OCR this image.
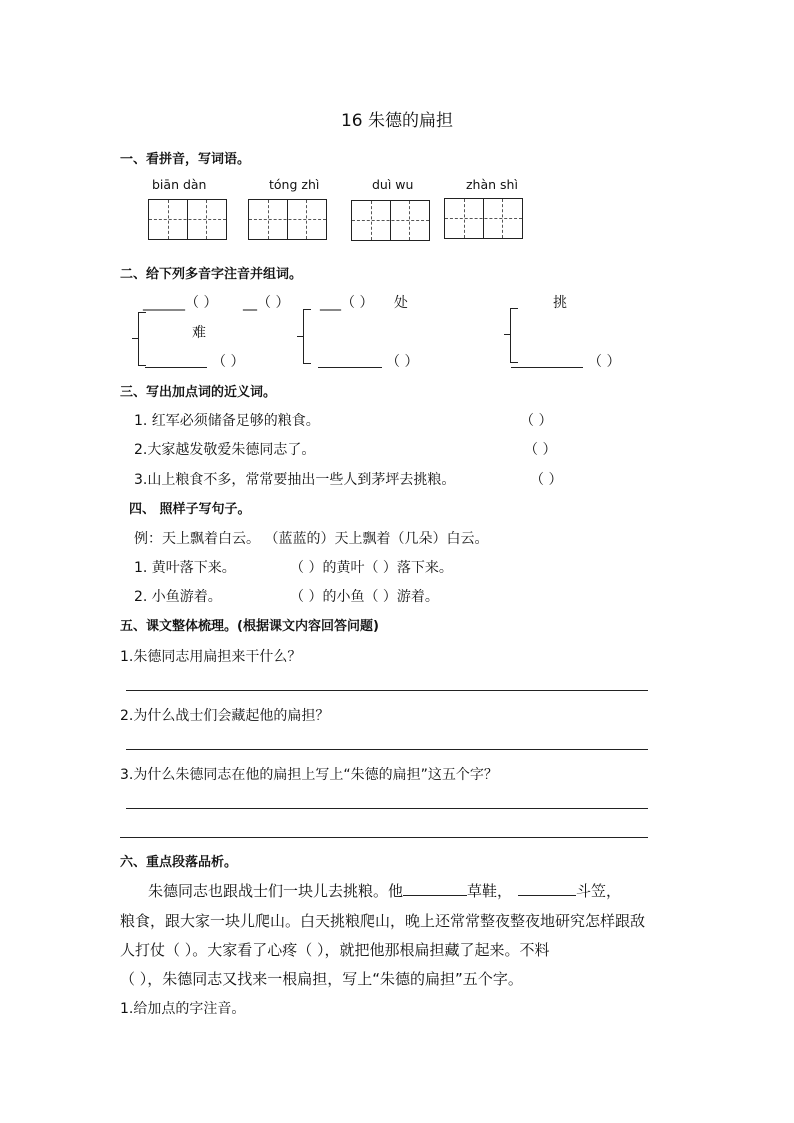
16 朱德的扁担
一、看拼音，写词语。
biān dàn	tóng zhì	duì wu	zhàn shì
二、给下列多音字注音并组词。
______（ ） __（ ） ___（ ） 处	挑
难
（ ）	（ ）	（ ）
三、写出加点词的近义词。
1. 红军必须储备足够的粮食。	（ ）
2.大家越发敬爱朱德同志了。	（ ）
3.山上粮食不多，常常要抽出一些人到茅坪去挑粮。	（ ）
四、 照样子写句子。
例：天上飘着白云。 （蓝蓝的）天上飘着（几朵）白云。
1. 黄叶落下来。	（ ）的黄叶（ ）落下来。
2. 小鱼游着。	（ ）的小鱼（ ）游着。
五、课文整体梳理。(根据课文内容回答问题)
1.朱德同志用扁担来干什么？
2.为什么战士们会藏起他的扁担？
3.为什么朱德同志在他的扁担上写上“朱德的扁担”这五个字？
六、重点段落品析。
朱德同志也跟战士们一块儿去挑粮。他	草鞋，	斗笠，
粮食，跟大家一块儿爬山。白天挑粮爬山，晚上还常常整夜整夜地研究怎样跟敌
人打仗（ ）。大家看了心疼（ ），就把他那根扁担藏了起来。不料
（ ），朱德同志又找来一根扁担，写上“朱德的扁担”五个字。
1.给加点的字注音。
